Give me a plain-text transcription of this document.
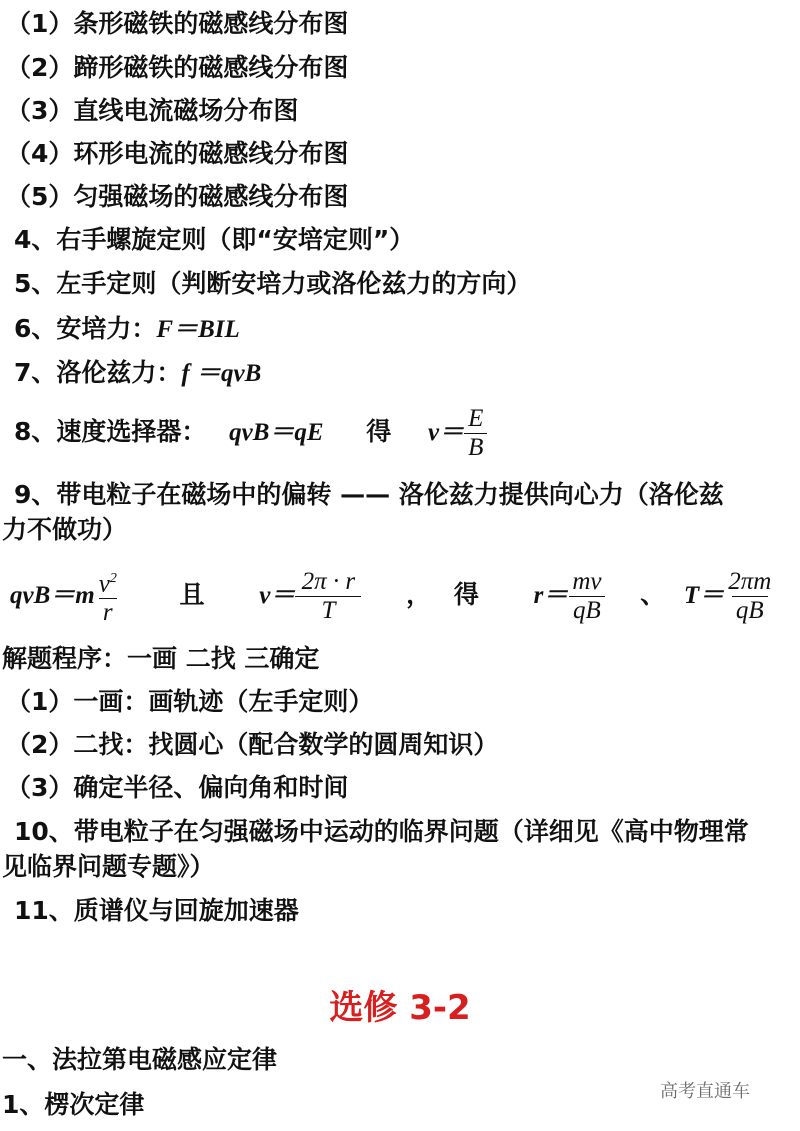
（1）条形磁铁的磁感线分布图
（2）蹄形磁铁的磁感线分布图
（3）直线电流磁场分布图
（4）环形电流的磁感线分布图
（5）匀强磁场的磁感线分布图
4、右手螺旋定则（即“安培定则”）
5、左手定则（判断安培力或洛伦兹力的方向）
6、安培力：F＝BIL
7、洛伦兹力：f ＝qvB
8、速度选择器： qvB＝qE 得 $v= \frac{E}{B}$
9、带电粒子在磁场中的偏转 —— 洛伦兹力提供向心力（洛伦兹
力不做功）
$qvB=m \frac{v^2}{r}$ 且 $v= \frac{2\pi \cdot r}{T}$ ， 得 $r= \frac{mv}{qB}$ 、 $T= \frac{2\pi m}{qB}$
解题程序：一画 二找 三确定
（1）一画：画轨迹（左手定则）
（2）二找：找圆心（配合数学的圆周知识）
（3）确定半径、偏向角和时间
10、带电粒子在匀强磁场中运动的临界问题（详细见《高中物理常
见临界问题专题》）
11、质谱仪与回旋加速器
选修 3-2
一、法拉第电磁感应定律
1、楞次定律	高考直通车
